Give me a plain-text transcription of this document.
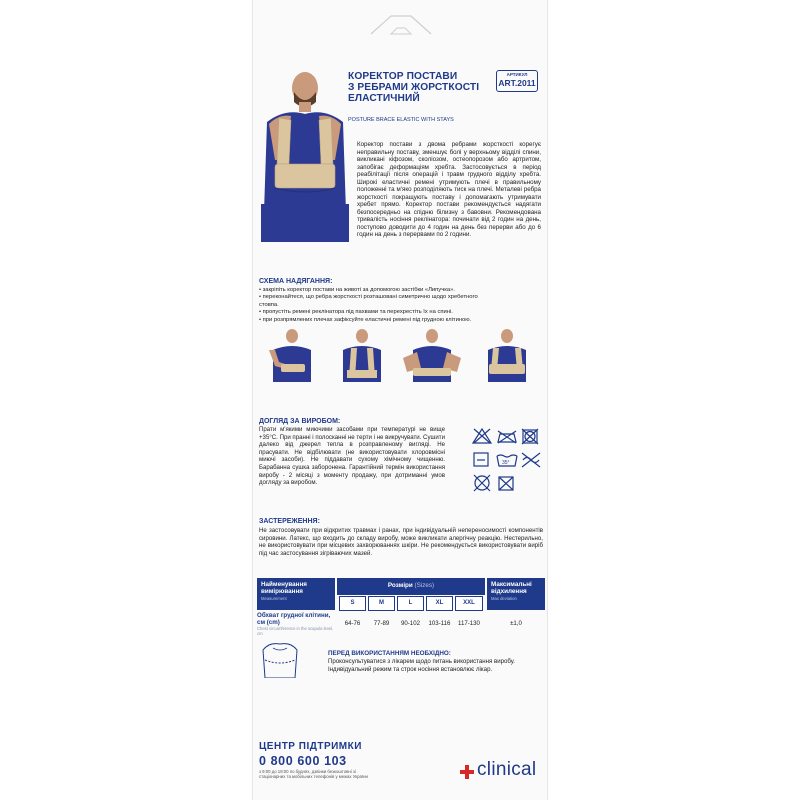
КОРЕКТОР ПОСТАВИ
З РЕБРАМИ ЖОРСТКОСТІ
ЕЛАСТИЧНИЙ
АРТИКУЛ
ART.2011
POSTURE BRACE ELASTIC WITH STAYS
Коректор постави з двома ребрами жорсткості корегує неправильну поставу, зменшує болі у верхньому відділі спини, викликані кіфозом, сколіозом, остеопорозом або артритом, запобігає деформаціям хребта. Застосовується в період реабілітації після операцій і травм грудного відділу хребта. Широкі еластичні ремені утримують плечі в правильному положенні та м'яко розподіляють тиск на плечі. Металеві ребра жорсткості покращують поставу і допомагають утримувати хребет прямо. Коректор постави рекомендується надягати безпосередньо на спідню білизну з бавовни. Рекомендована тривалість носіння реклінатора: починати від 2 годин на день, поступово доводити до 4 годин на день без перерви або до 6 годин на день з перервами по 2 години.
СХЕМА НАДЯГАННЯ:
• закріпіть коректор постави на животі за допомогою застібки «Липучка».
• переконайтеся, що ребра жорсткості розташовані симетрично щодо хребетного
стовпа.
• пропустіть ремені реклінатора під пахвами та перехрестіть їх на спині.
• при розпрямлених плечах зафіксуйте еластичні ремені під грудною клітиною.
ДОГЛЯД ЗА ВИРОБОМ:
Прати м'якими миючими засобами при температурі не вище +35°С. При пранні і полосканні не терти і не викручувати. Сушити далеко від джерел тепла в розправленому вигляді. Не прасувати. Не відбілювати (не використовувати хлоровмісні миючі засоби). Не піддавати сухому хімічному чищенню. Барабанна сушка заборонена. Гарантійний термін використання виробу - 2 місяці з моменту продажу, при дотриманні умов догляду за виробом.
35°
ЗАСТЕРЕЖЕННЯ:
Не застосовувати при відкритих травмах і ранах, при індивідуальній непереносимості компонентів сировини. Латекс, що входить до складу виробу, може викликати алергічну реакцію. Нестерильно, не використовувати при місцевих захворюваннях шкіри. Не рекомендується використовувати виріб під час застосування зігріваючих мазей.
Найменування вимірювання
Measurement
Розміри (Sizes)	Максимальні відхилення
Max deviation
S	M	L	XL	XXL
Обхват грудної клітини, см (cm)
Chest circumference in the scapula level, cm
64-76	77-89	90-102	103-116	117-130	±1,0
ПЕРЕД ВИКОРИСТАННЯМ НЕОБХІДНО:
Проконсультуватися з лікарем щодо питань використання виробу. Індивідуальний режим та строк носіння встановлює лікар.
ЦЕНТР ПІДТРИМКИ
0 800 600 103
з 9:00 до 18:00 по буднях, дзвінки безкоштовні зі стаціонарних та мобільних телефонів у межах України	clinical
